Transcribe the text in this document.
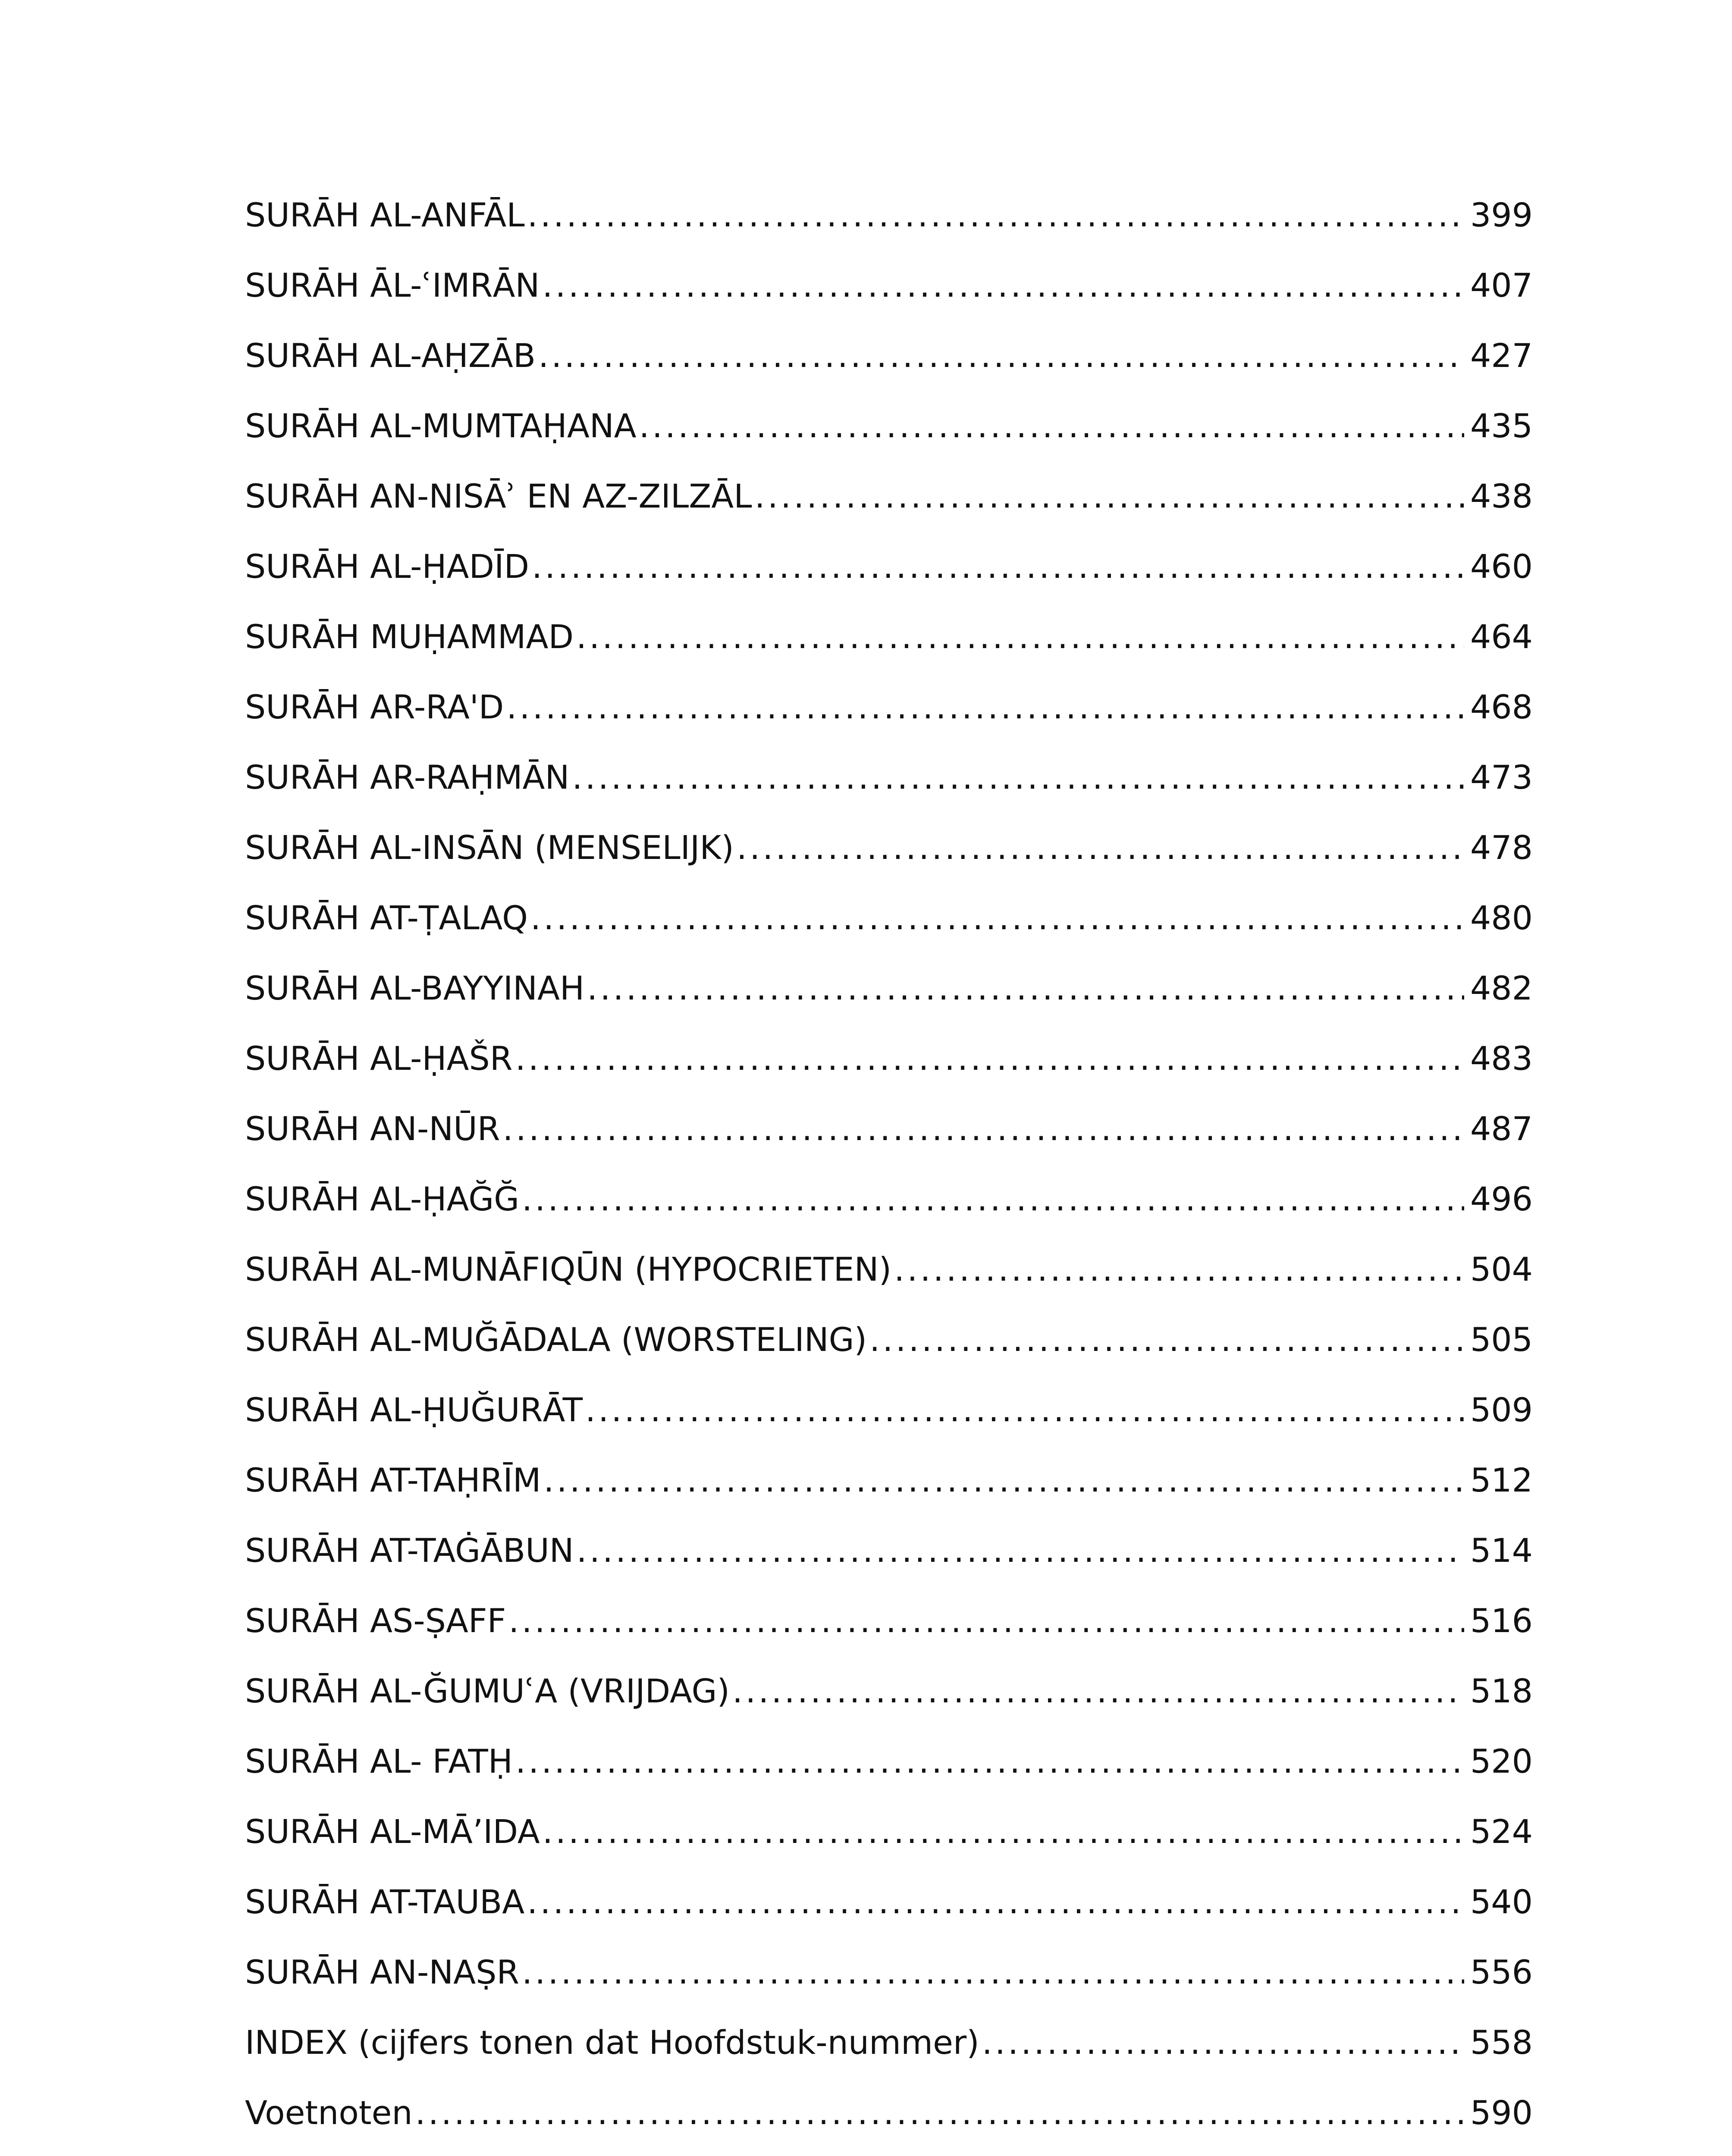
SURĀH AL-ANFĀL .....	399
SURĀH ĀL-ʿIMRĀN .....	407
SURĀH AL-AḤZĀB .....	427
SURĀH AL-MUMTAḤANA .....	435
SURĀH AN-NISĀʾ EN AZ-ZILZĀL .....	438
SURĀH AL-ḤADĪD .....	460
SURĀH MUḤAMMAD .....	464
SURĀH AR-RA'D .....	468
SURĀH AR-RAḤMĀN .....	473
SURĀH AL-INSĀN (MENSELIJK) .....	478
SURĀH AT-ṬALAQ .....	480
SURĀH AL-BAYYINAH .....	482
SURĀH AL-ḤAŠR .....	483
SURĀH AN-NŪR .....	487
SURĀH AL-ḤAĞĞ .....	496
SURĀH AL-MUNĀFIQŪN (HYPOCRIETEN) .....	504
SURĀH AL-MUĞĀDALA (WORSTELING) .....	505
SURĀH AL-ḤUĞURĀT .....	509
SURĀH AT-TAḤRĪM .....	512
SURĀH AT-TAĠĀBUN .....	514
SURĀH AS-ṢAFF .....	516
SURĀH AL-ĞUMUʿA (VRIJDAG) .....	518
SURĀH AL- FATḤ .....	520
SURĀH AL-MĀʼIDA .....	524
SURĀH AT-TAUBA .....	540
SURĀH AN-NAṢR .....	556
INDEX (cijfers tonen dat Hoofdstuk-nummer) .....	558
Voetnoten .....	590
